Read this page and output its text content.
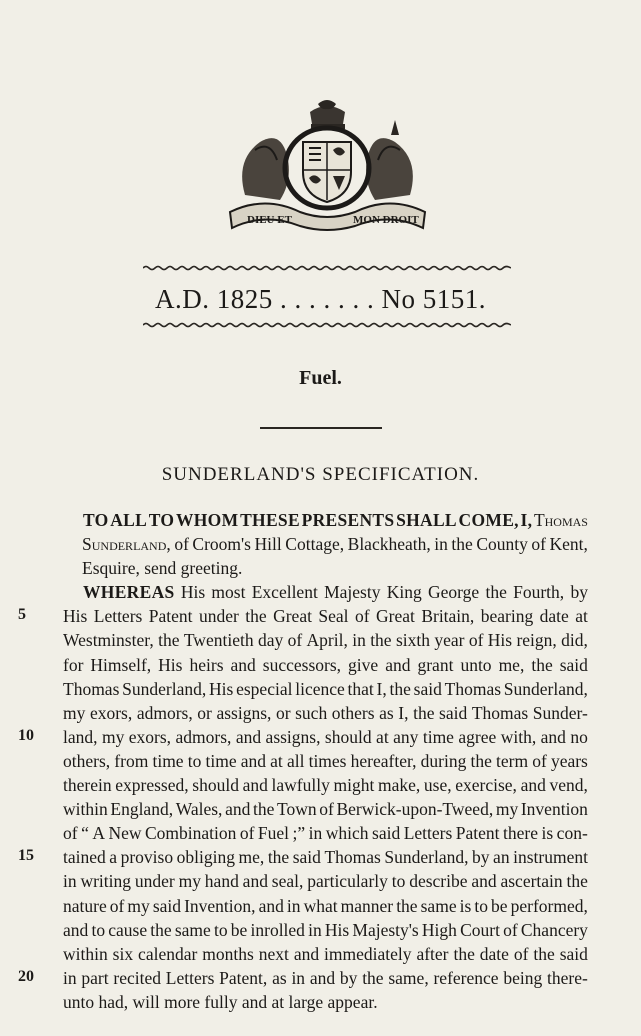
DIEU ET	MON DROIT
A.D. 1825 . . . . . . . No 5151.
Fuel.
SUNDERLAND'S SPECIFICATION.
TO ALL TO WHOM THESE PRESENTS SHALL COME, I, Thomas
Sunderland, of Croom's Hill Cottage, Blackheath, in the County of Kent,
Esquire, send greeting.
WHEREAS His most Excellent Majesty King George the Fourth, by
His Letters Patent under the Great Seal of Great Britain, bearing date at
Westminster, the Twentieth day of April, in the sixth year of His reign, did,
for Himself, His heirs and successors, give and grant unto me, the said
Thomas Sunderland, His especial licence that I, the said Thomas Sunderland,
my exors, admors, or assigns, or such others as I, the said Thomas Sunder-
land, my exors, admors, and assigns, should at any time agree with, and no
others, from time to time and at all times hereafter, during the term of years
therein expressed, should and lawfully might make, use, exercise, and vend,
within England, Wales, and the Town of Berwick-upon-Tweed, my Invention
of “ A New Combination of Fuel ;” in which said Letters Patent there is con-
tained a proviso obliging me, the said Thomas Sunderland, by an instrument
in writing under my hand and seal, particularly to describe and ascertain the
nature of my said Invention, and in what manner the same is to be performed,
and to cause the same to be inrolled in His Majesty's High Court of Chancery
within six calendar months next and immediately after the date of the said
in part recited Letters Patent, as in and by the same, reference being there-
unto had, will more fully and at large appear.
5
10
15
20
